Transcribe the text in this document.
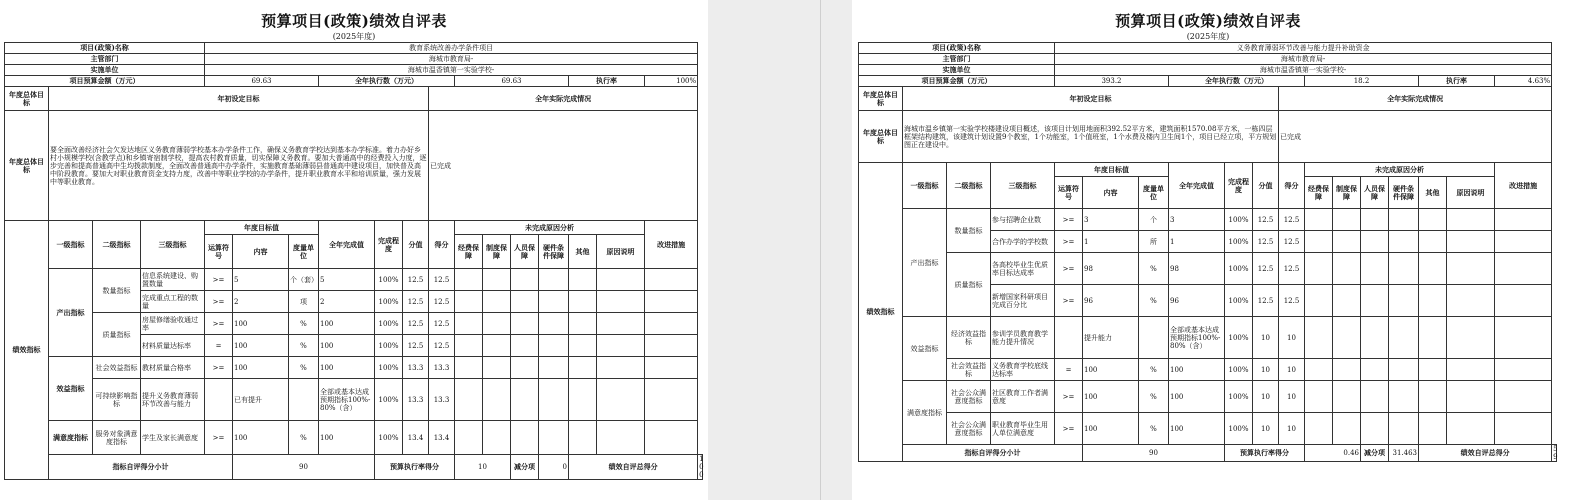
预算项目(政策)绩效自评表
(2025年度)
项目(政策)名称				教育系统改善办学条件项目														
主管部门				海城市教育局-														
实施单位				海城市温香镇第一实验学校-														
项目预算金额（万元）				69.63			全年执行数（万元）				69.63				执行率		100%	
年度总体目标	年初设定目标									全年实际完成情况								
年度总体目标	要全面改善经济社会欠发达地区义务教育薄弱学校基本办学条件工作，确保义务教育学校达到基本办学标准。着力办好乡村小规模学校(含教学点)和乡镇寄宿制学校，提高农村教育质量，切实保障义务教育。要加大普通高中的经费投入力度，逐步完善和提高普通高中生均拨款制度，全面改善普通高中办学条件，实施教育基础薄弱县普通高中建设项目，加快普及高中阶段教育。要加大对职业教育资金支持力度，改善中等职业学校的办学条件，提升职业教育水平和培训质量，强力发展中等职业教育。									已完成								
绩效指标	一级指标	二级指标	三级指标	年度目标值			全年完成值	完成程度	分值	得分	未完成原因分析						改进措施	
				运算符号	内容	度量单位					经费保障	制度保障	人员保障	硬件条件保障	其他	原因说明		
	产出指标	数量指标	信息系统建设、购置数量	>=	5	个（套）	5	100%	12.5	12.5								
			完成重点工程的数量	>=	2	项	2	100%	12.5	12.5								
		质量指标	房屋修缮验收通过率	>=	100	%	100	100%	12.5	12.5								
			材料质量达标率	=	100	%	100	100%	12.5	12.5								
	效益指标	社会效益指标	教材质量合格率	>=	100	%	100	100%	13.3	13.3								
		可持续影响指标	提升义务教育薄弱环节改善与能力		已有提升		全部或基本达成预期指标100%-80%（含）	100%	13.3	13.3								
	满意度指标	服务对象满意度指标	学生及家长满意度	>=	100	%	100	100%	13.4	13.4								
	指标自评得分小计				90			预算执行率得分			10		减分项	0	绩效自评总得分			100
预算项目(政策)绩效自评表
(2025年度)
项目(政策)名称				义务教育薄弱环节改善与能力提升补助资金														
主管部门				海城市教育局-														
实施单位				海城市温香镇第一实验学校-														
项目预算金额（万元）				393.2			全年执行数（万元）				18.2				执行率		4.63%	
年度总体目标	年初设定目标									全年实际完成情况								
年度总体目标	海城市温乡镇第一实验学校楼建设项目概述，该项目计划用地面积392.52平方米，建筑面积1570.08平方米，一栋四层框架结构建筑，该建筑计划设置9个教室，1个功能室，1个值班室，1个水费及楼内卫生间1个，项目已经立项，平方规划图正在建设中。									已完成								
绩效指标	一级指标	二级指标	三级指标	年度目标值			全年完成值	完成程度	分值	得分	未完成原因分析						改进措施	
				运算符号	内容	度量单位					经费保障	制度保障	人员保障	硬件条件保障	其他	原因说明		
	产出指标	数量指标	参与招聘企业数	>=	3	个	3	100%	12.5	12.5								
			合作办学的学校数	>=	1	所	1	100%	12.5	12.5								
		质量指标	各高校毕业生优质率目标达成率	>=	98	%	98	100%	12.5	12.5								
			新增国家科研项目完成百分比	>=	96	%	96	100%	12.5	12.5								
	效益指标	经济效益指标	参训学员教育教学能力提升情况		提升能力		全部或基本达成预期指标100%-80%（含）	100%	10	10								
		社会效益指标	义务教育学校底线达标率	=	100	%	100	100%	10	10								
	满意度指标	社会公众满意度指标	社区教育工作者满意度	>=	100	%	100	100%	10	10								
		社会公众满意度指标	职业教育毕业生用人单位满意度	>=	100	%	100	100%	10	10								
	指标自评得分小计				90			预算执行率得分			0.46		减分项	31.463	绩效自评总得分			59
